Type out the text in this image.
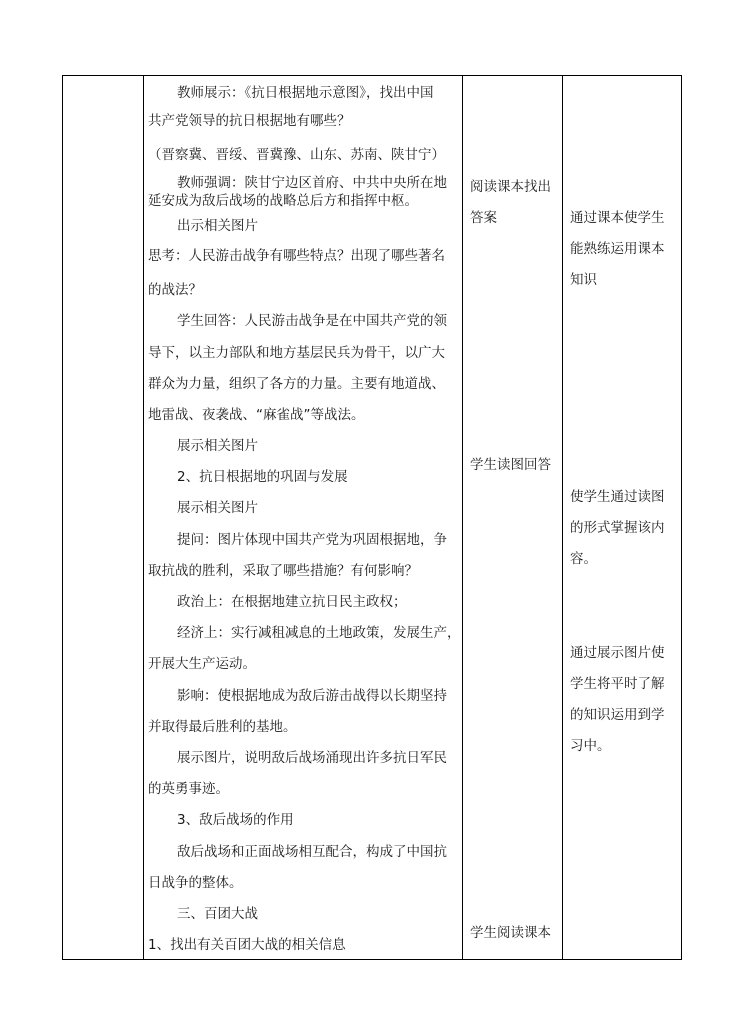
教师展示：《抗日根据地示意图》，找出中国
共产党领导的抗日根据地有哪些？
（晋察冀、晋绥、晋冀豫、山东、苏南、陕甘宁）
教师强调：陕甘宁边区首府、中共中央所在地
延安成为敌后战场的战略总后方和指挥中枢。
出示相关图片
思考：人民游击战争有哪些特点？出现了哪些著名
的战法？
学生回答：人民游击战争是在中国共产党的领
导下，以主力部队和地方基层民兵为骨干，以广大
群众为力量，组织了各方的力量。主要有地道战、
地雷战、夜袭战、“麻雀战”等战法。
展示相关图片
2、抗日根据地的巩固与发展
展示相关图片
提问：图片体现中国共产党为巩固根据地，争
取抗战的胜利，采取了哪些措施？有何影响？
政治上：在根据地建立抗日民主政权；
经济上：实行减租减息的土地政策，发展生产，
开展大生产运动。
影响：使根据地成为敌后游击战得以长期坚持
并取得最后胜利的基地。
展示图片，说明敌后战场涌现出许多抗日军民
的英勇事迹。
3、敌后战场的作用
敌后战场和正面战场相互配合，构成了中国抗
日战争的整体。
三、百团大战
1、找出有关百团大战的相关信息
阅读课本找出
答案
学生读图回答
学生阅读课本
通过课本使学生
能熟练运用课本
知识
使学生通过读图
的形式掌握该内
容。
通过展示图片使
学生将平时了解
的知识运用到学
习中。
